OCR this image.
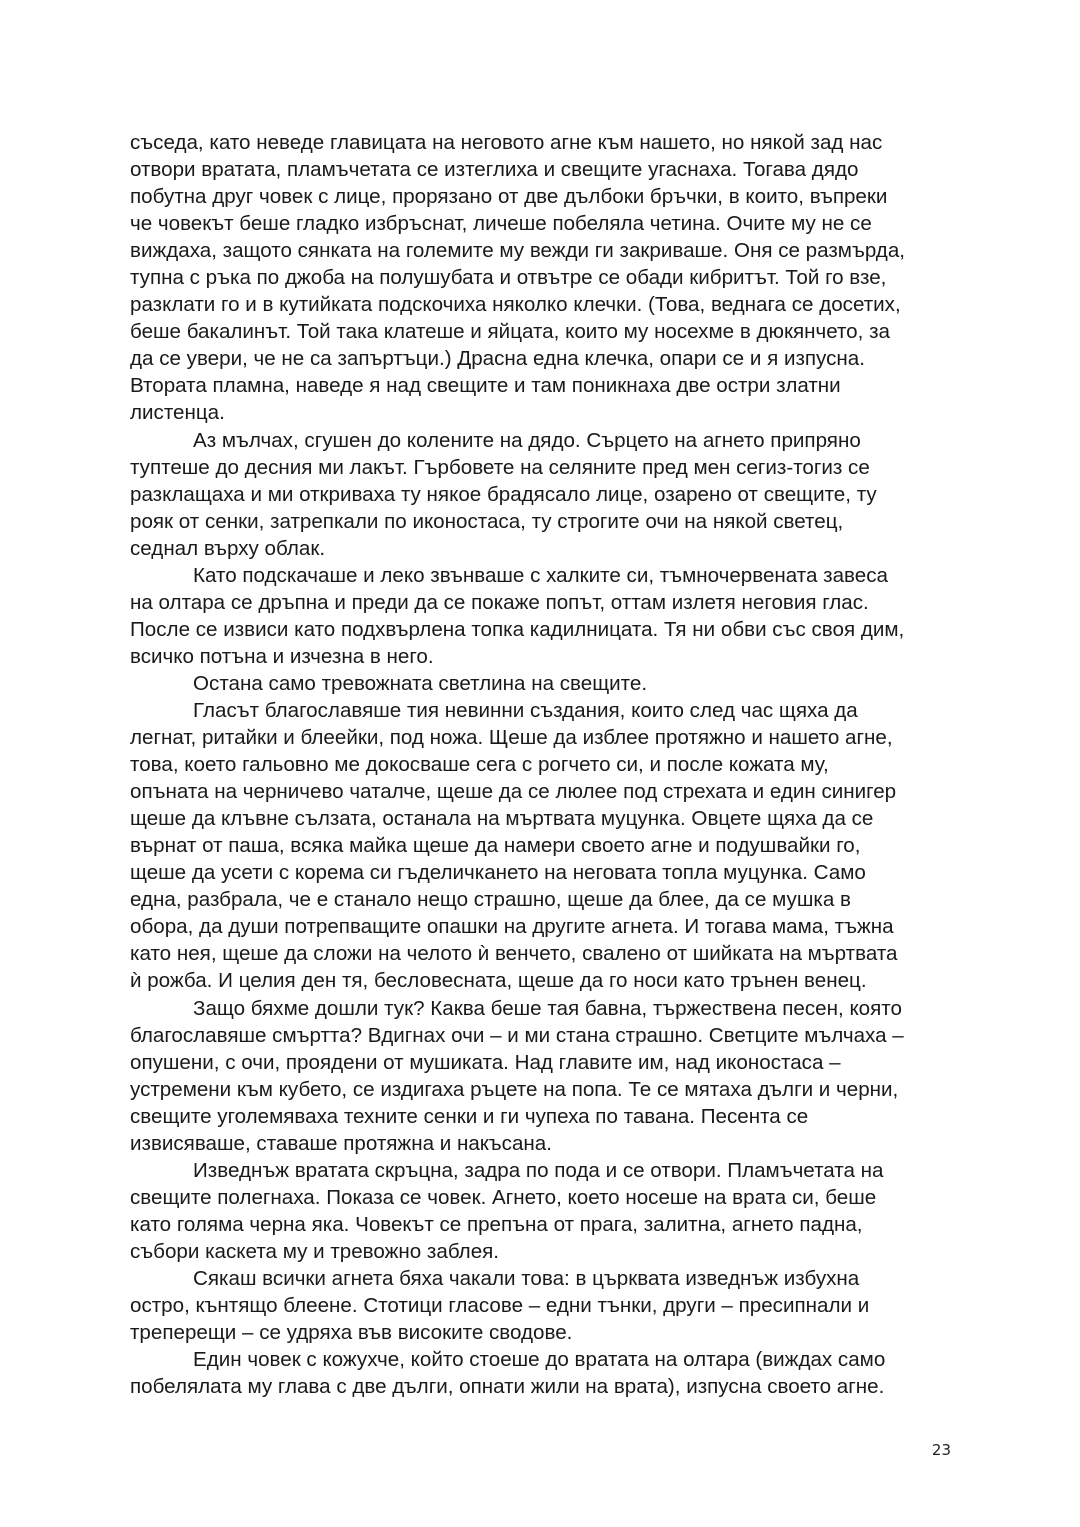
съседа, като неведе главицата на неговото агне към нашето, но някой зад нас
отвори вратата, пламъчетата се изтеглиха и свещите угаснаха. Тогава дядо
побутна друг човек с лице, прорязано от две дълбоки бръчки, в които, въпреки
че човекът беше гладко избръснат, личеше побеляла четина. Очите му не се
виждаха, защото сянката на големите му вежди ги закриваше. Оня се размърда,
тупна с ръка по джоба на полушубата и отвътре се обади кибритът. Той го взе,
разклати го и в кутийката подскочиха няколко клечки. (Това, веднага се досетих,
беше бакалинът. Той така клатеше и яйцата, които му носехме в дюкянчето, за
да се увери, че не са запъртъци.) Драсна една клечка, опари се и я изпусна.
Втората пламна, наведе я над свещите и там поникнаха две остри златни
листенца.

Аз мълчах, сгушен до колените на дядо. Сърцето на агнето припряно
туптеше до десния ми лакът. Гърбовете на селяните пред мен сегиз-тогиз се
разклащаха и ми откриваха ту някое брадясало лице, озарено от свещите, ту
рояк от сенки, затрепкали по иконостаса, ту строгите очи на някой светец,
седнал върху облак.

Като подскачаше и леко звънваше с халките си, тъмночервената завеса
на олтара се дръпна и преди да се покаже попът, оттам излетя неговия глас.
После се извиси като подхвърлена топка кадилницата. Тя ни обви със своя дим,
всичко потъна и изчезна в него.

Остана само тревожната светлина на свещите.

Гласът благославяше тия невинни създания, които след час щяха да
легнат, ритайки и блеейки, под ножа. Щеше да изблее протяжно и нашето агне,
това, което гальовно ме докосваше сега с рогчето си, и после кожата му,
опъната на черничево чаталче, щеше да се люлее под стрехата и един синигер
щеше да клъвне сълзата, останала на мъртвата муцунка. Овцете щяха да се
върнат от паша, всяка майка щеше да намери своето агне и подушвайки го,
щеше да усети с корема си гъделичкането на неговата топла муцунка. Само
една, разбрала, че е станало нещо страшно, щеше да блее, да се мушка в
обора, да души потрепващите опашки на другите агнета. И тогава мама, тъжна
като нея, щеше да сложи на челото ѝ венчето, свалено от шийката на мъртвата
ѝ рожба. И целия ден тя, бесловесната, щеше да го носи като трънен венец.

Защо бяхме дошли тук? Каква беше тая бавна, тържествена песен, която
благославяше смъртта? Вдигнах очи – и ми стана страшно. Светците мълчаха –
опушени, с очи, проядени от мушиката. Над главите им, над иконостаса –
устремени към кубето, се издигаха ръцете на попа. Те се мятаха дълги и черни,
свещите уголемяваха техните сенки и ги чупеха по тавана. Песента се
извисяваше, ставаше протяжна и накъсана.

Изведнъж вратата скръцна, задра по пода и се отвори. Пламъчетата на
свещите полегнаха. Показа се човек. Агнето, което носеше на врата си, беше
като голяма черна яка. Човекът се препъна от прага, залитна, агнето падна,
събори каскета му и тревожно заблея.

Сякаш всички агнета бяха чакали това: в църквата изведнъж избухна
остро, кънтящо блеене. Стотици гласове – едни тънки, други – пресипнали и
треперещи – се удряха във високите сводове.

Един човек с кожухче, който стоеше до вратата на олтара (виждах само
побелялата му глава с две дълги, опнати жили на врата), изпусна своето агне.

23
